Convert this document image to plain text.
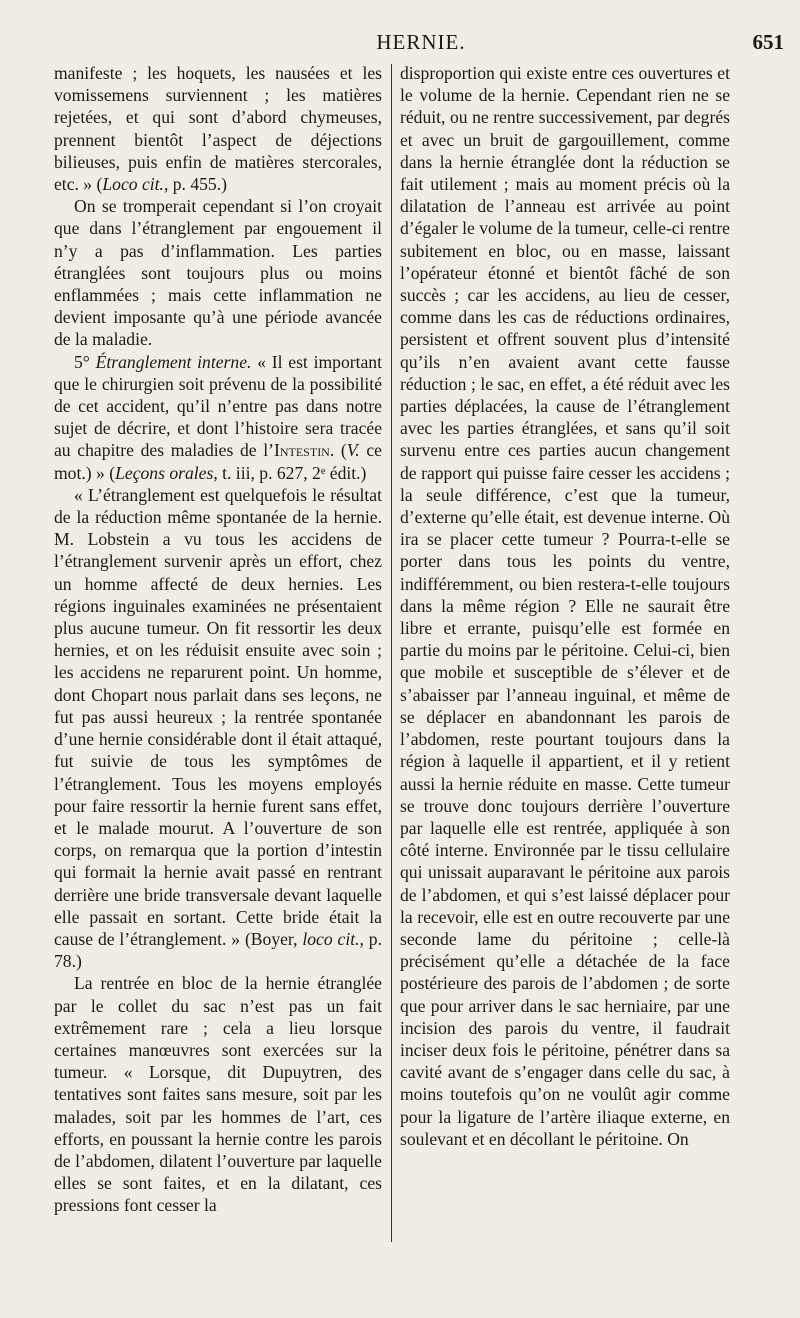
HERNIE.	651

manifeste ; les hoquets, les nausées et les vomissemens surviennent ; les matières rejetées, et qui sont d’abord chymeuses, prennent bientôt l’aspect de déjections bilieuses, puis enfin de matières stercorales, etc. » (Loco cit., p. 455.)

On se tromperait cependant si l’on croyait que dans l’étranglement par engouement il n’y a pas d’inflammation. Les parties étranglées sont toujours plus ou moins enflammées ; mais cette inflammation ne devient imposante qu’à une période avancée de la maladie.

5° Étranglement interne. « Il est important que le chirurgien soit prévenu de la possibilité de cet accident, qu’il n’entre pas dans notre sujet de décrire, et dont l’histoire sera tracée au chapitre des maladies de l’Intestin. (V. ce mot.) » (Leçons orales, t. iii, p. 627, 2ᵉ édit.)

« L’étranglement est quelquefois le résultat de la réduction même spontanée de la hernie. M. Lobstein a vu tous les accidens de l’étranglement survenir après un effort, chez un homme affecté de deux hernies. Les régions inguinales examinées ne présentaient plus aucune tumeur. On fit ressortir les deux hernies, et on les réduisit ensuite avec soin ; les accidens ne reparurent point. Un homme, dont Chopart nous parlait dans ses leçons, ne fut pas aussi heureux ; la rentrée spontanée d’une hernie considérable dont il était attaqué, fut suivie de tous les symptômes de l’étranglement. Tous les moyens employés pour faire ressortir la hernie furent sans effet, et le malade mourut. A l’ouverture de son corps, on remarqua que la portion d’intestin qui formait la hernie avait passé en rentrant derrière une bride transversale devant laquelle elle passait en sortant. Cette bride était la cause de l’étranglement. » (Boyer, loco cit., p. 78.)

La rentrée en bloc de la hernie étranglée par le collet du sac n’est pas un fait extrêmement rare ; cela a lieu lorsque certaines manœuvres sont exercées sur la tumeur. « Lorsque, dit Dupuytren, des tentatives sont faites sans mesure, soit par les malades, soit par les hommes de l’art, ces efforts, en poussant la hernie contre les parois de l’abdomen, dilatent l’ouverture par laquelle elles se sont faites, et en la dilatant, ces pressions font cesser la

disproportion qui existe entre ces ouvertures et le volume de la hernie. Cependant rien ne se réduit, ou ne rentre successivement, par degrés et avec un bruit de gargouillement, comme dans la hernie étranglée dont la réduction se fait utilement ; mais au moment précis où la dilatation de l’anneau est arrivée au point d’égaler le volume de la tumeur, celle-ci rentre subitement en bloc, ou en masse, laissant l’opérateur étonné et bientôt fâché de son succès ; car les accidens, au lieu de cesser, comme dans les cas de réductions ordinaires, persistent et offrent souvent plus d’intensité qu’ils n’en avaient avant cette fausse réduction ; le sac, en effet, a été réduit avec les parties déplacées, la cause de l’étranglement avec les parties étranglées, et sans qu’il soit survenu entre ces parties aucun changement de rapport qui puisse faire cesser les accidens ; la seule différence, c’est que la tumeur, d’externe qu’elle était, est devenue interne. Où ira se placer cette tumeur ? Pourra-t-elle se porter dans tous les points du ventre, indifféremment, ou bien restera-t-elle toujours dans la même région ? Elle ne saurait être libre et errante, puisqu’elle est formée en partie du moins par le péritoine. Celui-ci, bien que mobile et susceptible de s’élever et de s’abaisser par l’anneau inguinal, et même de se déplacer en abandonnant les parois de l’abdomen, reste pourtant toujours dans la région à laquelle il appartient, et il y retient aussi la hernie réduite en masse. Cette tumeur se trouve donc toujours derrière l’ouverture par laquelle elle est rentrée, appliquée à son côté interne. Environnée par le tissu cellulaire qui unissait auparavant le péritoine aux parois de l’abdomen, et qui s’est laissé déplacer pour la recevoir, elle est en outre recouverte par une seconde lame du péritoine ; celle-là précisément qu’elle a détachée de la face postérieure des parois de l’abdomen ; de sorte que pour arriver dans le sac herniaire, par une incision des parois du ventre, il faudrait inciser deux fois le péritoine, pénétrer dans sa cavité avant de s’engager dans celle du sac, à moins toutefois qu’on ne voulût agir comme pour la ligature de l’artère iliaque externe, en soulevant et en décollant le péritoine. On
